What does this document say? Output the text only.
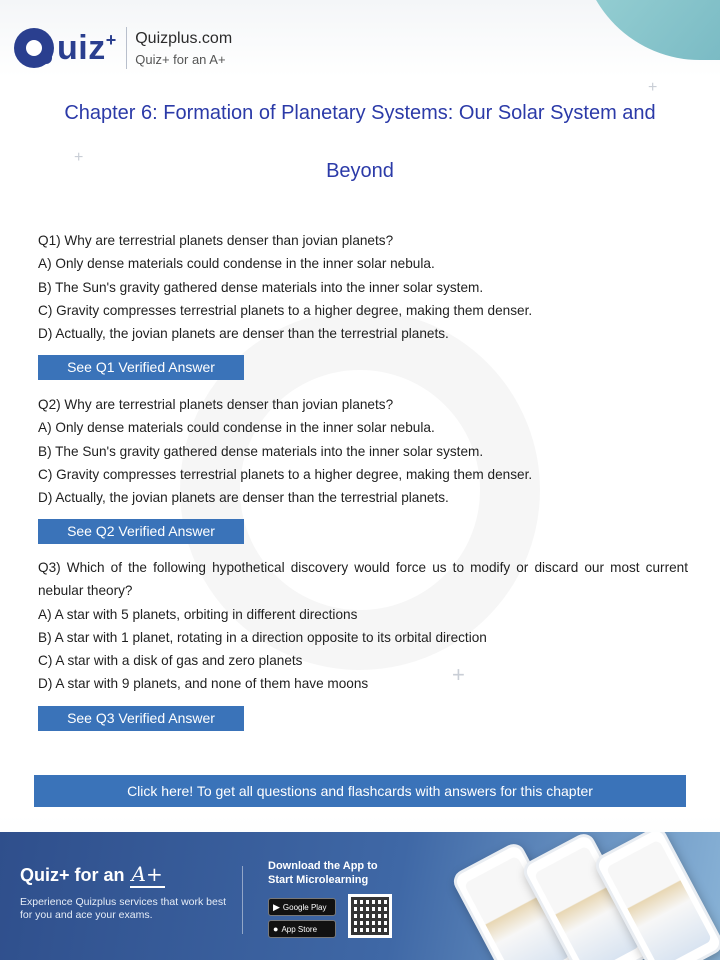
+
+
+
uiz + Quizplus.com
Quiz+ for an A+
Chapter 6: Formation of Planetary Systems: Our Solar System and Beyond
Q1) Why are terrestrial planets denser than jovian planets?
A) Only dense materials could condense in the inner solar nebula.
B) The Sun's gravity gathered dense materials into the inner solar system.
C) Gravity compresses terrestrial planets to a higher degree, making them denser.
D) Actually, the jovian planets are denser than the terrestrial planets.
See Q1 Verified Answer
Q2) Why are terrestrial planets denser than jovian planets?
A) Only dense materials could condense in the inner solar nebula.
B) The Sun's gravity gathered dense materials into the inner solar system.
C) Gravity compresses terrestrial planets to a higher degree, making them denser.
D) Actually, the jovian planets are denser than the terrestrial planets.
See Q2 Verified Answer
Q3) Which of the following hypothetical discovery would force us to modify or discard our most current nebular theory?
A) A star with 5 planets, orbiting in different directions
B) A star with 1 planet, rotating in a direction opposite to its orbital direction
C) A star with a disk of gas and zero planets
D) A star with 9 planets, and none of them have moons
See Q3 Verified Answer
Click here! To get all questions and flashcards with answers for this chapter
Quiz+ for an A+
Experience Quizplus services that work best for you and ace your exams.
Download the App to
Start Microlearning
▶ Google Play
● App Store
